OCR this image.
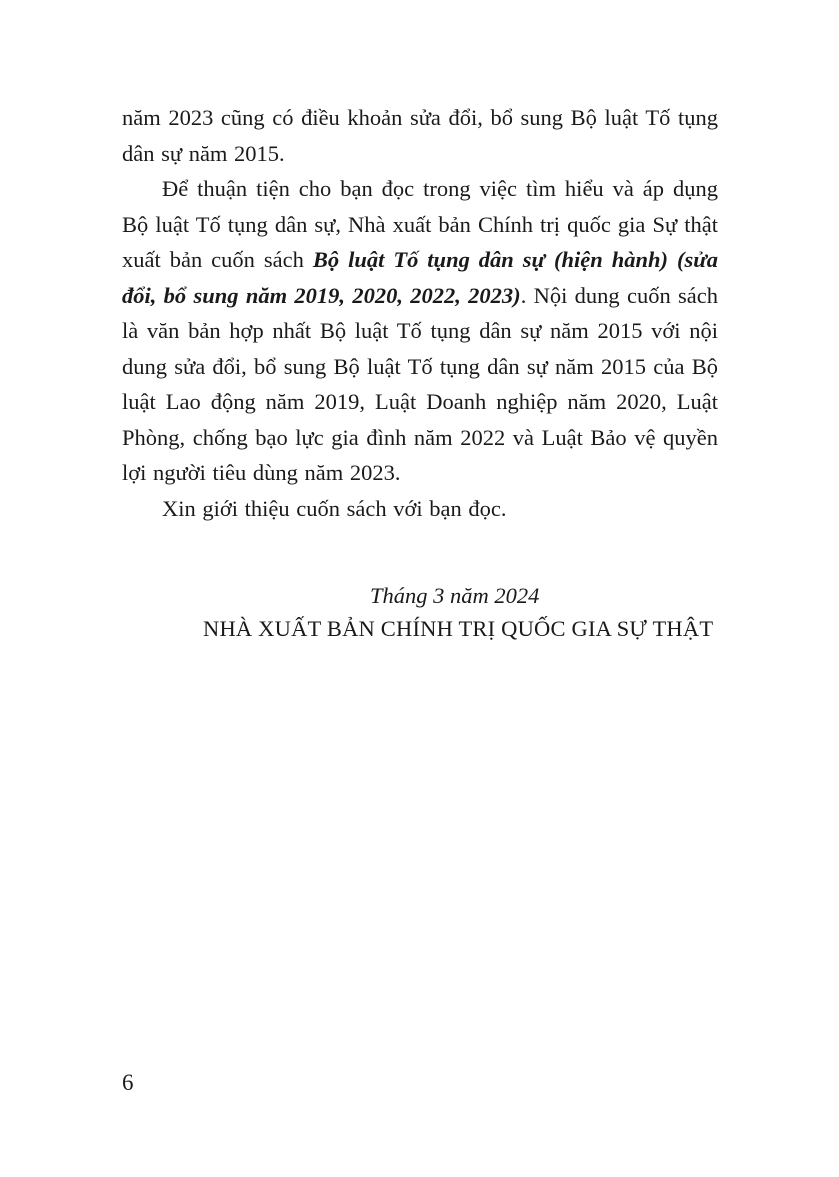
năm 2023 cũng có điều khoản sửa đổi, bổ sung Bộ luật Tố tụng dân sự năm 2015.

Để thuận tiện cho bạn đọc trong việc tìm hiểu và áp dụng Bộ luật Tố tụng dân sự, Nhà xuất bản Chính trị quốc gia Sự thật xuất bản cuốn sách Bộ luật Tố tụng dân sự (hiện hành) (sửa đổi, bổ sung năm 2019, 2020, 2022, 2023). Nội dung cuốn sách là văn bản hợp nhất Bộ luật Tố tụng dân sự năm 2015 với nội dung sửa đổi, bổ sung Bộ luật Tố tụng dân sự năm 2015 của Bộ luật Lao động năm 2019, Luật Doanh nghiệp năm 2020, Luật Phòng, chống bạo lực gia đình năm 2022 và Luật Bảo vệ quyền lợi người tiêu dùng năm 2023.

Xin giới thiệu cuốn sách với bạn đọc.

Tháng 3 năm 2024
NHÀ XUẤT BẢN CHÍNH TRỊ QUỐC GIA SỰ THẬT
6
